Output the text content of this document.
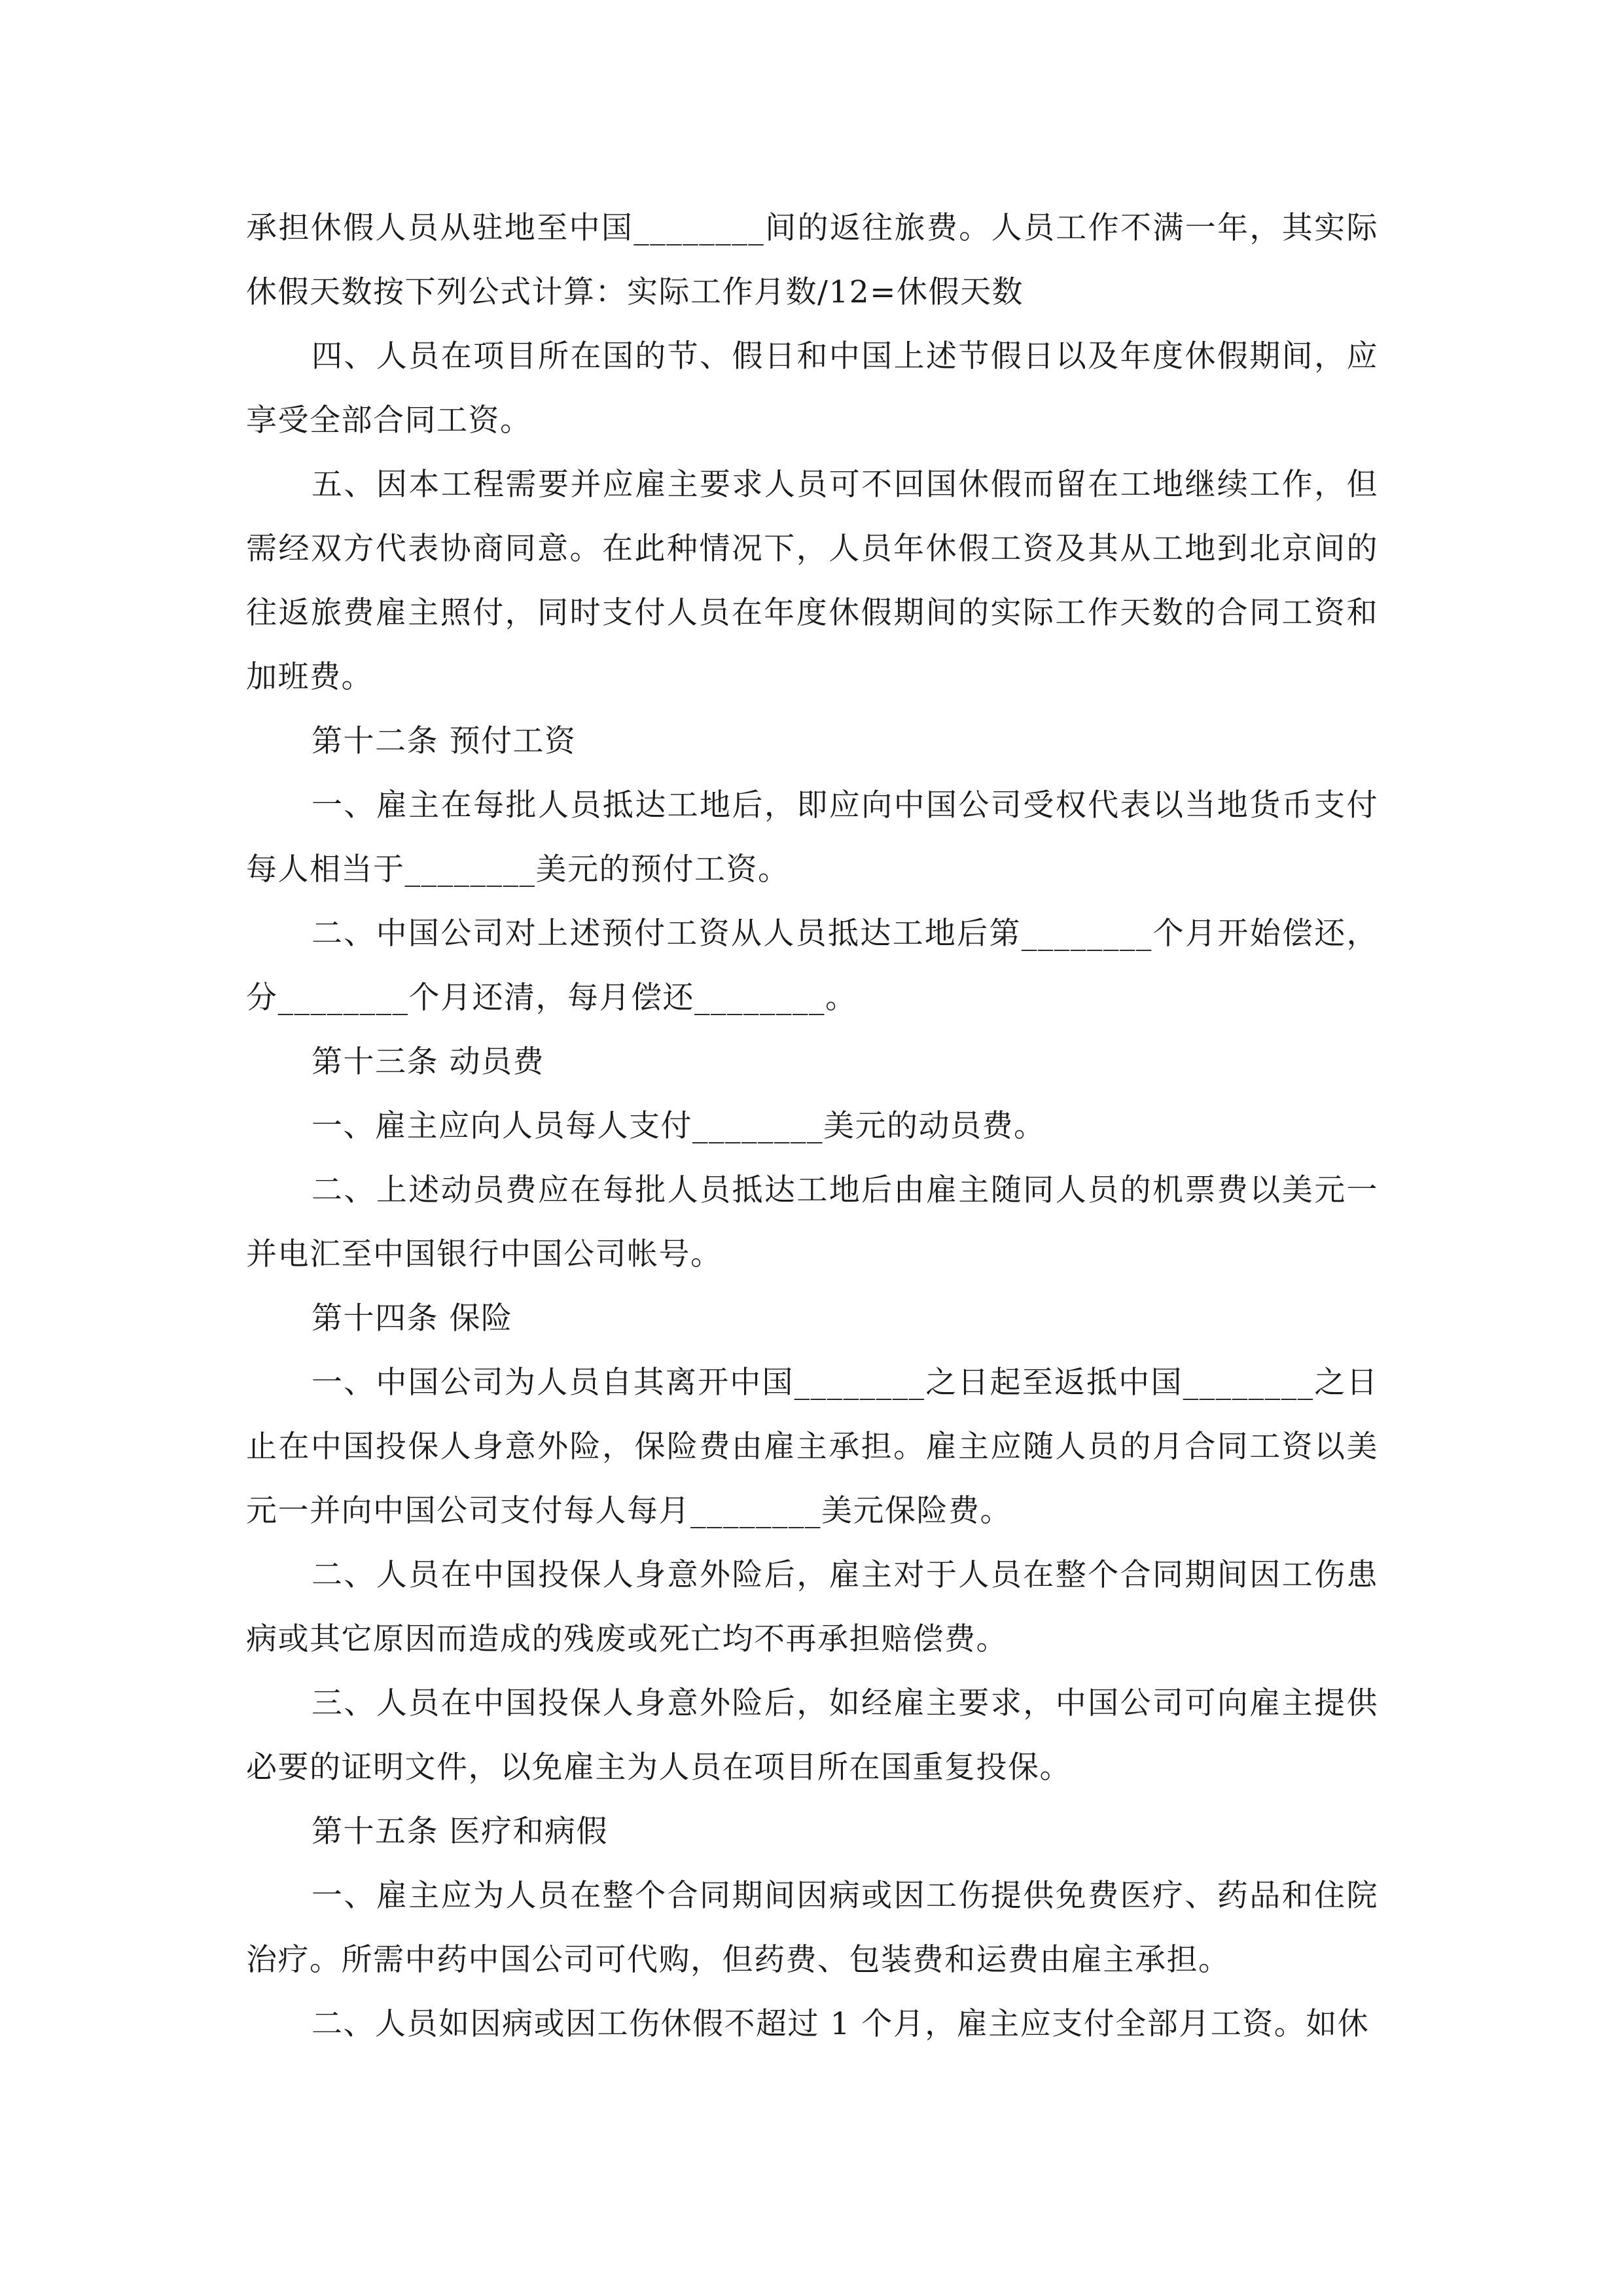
承担休假人员从驻地至中国________间的返往旅费。人员工作不满一年，其实际休假天数按下列公式计算：实际工作月数/12=休假天数

四、人员在项目所在国的节、假日和中国上述节假日以及年度休假期间，应享受全部合同工资。

五、因本工程需要并应雇主要求人员可不回国休假而留在工地继续工作，但需经双方代表协商同意。在此种情况下，人员年休假工资及其从工地到北京间的往返旅费雇主照付，同时支付人员在年度休假期间的实际工作天数的合同工资和加班费。

第十二条 预付工资

一、雇主在每批人员抵达工地后，即应向中国公司受权代表以当地货币支付每人相当于________美元的预付工资。

二、中国公司对上述预付工资从人员抵达工地后第________个月开始偿还，分________个月还清，每月偿还________。

第十三条 动员费

一、雇主应向人员每人支付________美元的动员费。

二、上述动员费应在每批人员抵达工地后由雇主随同人员的机票费以美元一并电汇至中国银行中国公司帐号。

第十四条 保险

一、中国公司为人员自其离开中国________之日起至返抵中国________之日止在中国投保人身意外险，保险费由雇主承担。雇主应随人员的月合同工资以美元一并向中国公司支付每人每月________美元保险费。

二、人员在中国投保人身意外险后，雇主对于人员在整个合同期间因工伤患病或其它原因而造成的残废或死亡均不再承担赔偿费。

三、人员在中国投保人身意外险后，如经雇主要求，中国公司可向雇主提供必要的证明文件，以免雇主为人员在项目所在国重复投保。

第十五条 医疗和病假

一、雇主应为人员在整个合同期间因病或因工伤提供免费医疗、药品和住院治疗。所需中药中国公司可代购，但药费、包装费和运费由雇主承担。

二、人员如因病或因工伤休假不超过 1 个月，雇主应支付全部月工资。如休
